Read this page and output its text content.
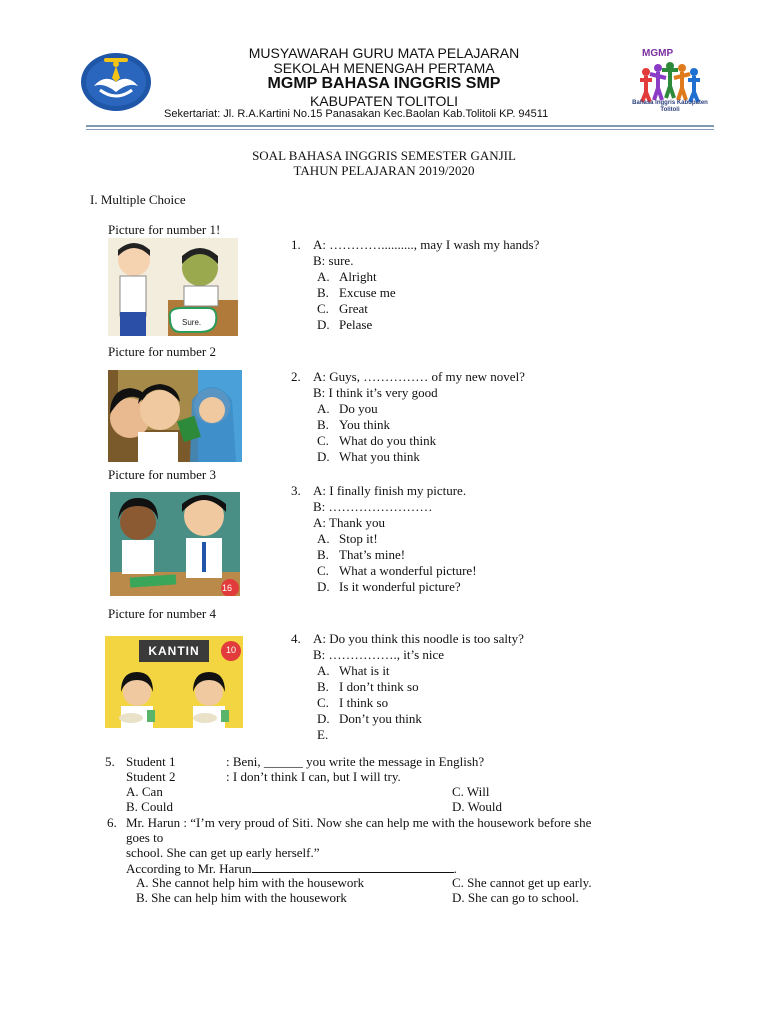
MUSYAWARAH GURU MATA PELAJARAN
SEKOLAH MENENGAH PERTAMA
MGMP BAHASA INGGRIS SMP
KABUPATEN TOLITOLI
Sekertariat: Jl. R.A.Kartini No.15 Panasakan Kec.Baolan Kab.Tolitoli KP. 94511
MGMP
Bahasa Inggris Kabupaten Tolitoli
SOAL BAHASA INGGRIS SEMESTER GANJIL
TAHUN PELAJARAN 2019/2020
I. Multiple Choice
Picture for number 1!
Sure.
1. A: ………….........., may I wash my hands?
B: sure.
A. Alright
B. Excuse me
C. Great
D. Pelase
Picture for number 2
2. A: Guys, …………… of my new novel?
B: I think it’s very good
A. Do you
B. You think
C. What do you think
D. What you think
Picture for number 3
16
3. A: I finally finish my picture.
B: ……………………
A: Thank you
A. Stop it!
B. That’s mine!
C. What a wonderful picture!
D. Is it wonderful picture?
Picture for number 4
KANTIN	10
4. A: Do you think this noodle is too salty?
B: ……………., it’s nice
A. What is it
B. I don’t think so
C. I think so
D. Don’t you think
E.
5. Student 1	: Beni, ______ you write the message in English?
Student 2	: I don’t think I can, but I will try.
A. Can	C. Will
B. Could	D. Would
6. Mr. Harun : “I’m very proud of Siti. Now she can help me with the housework before she
goes to
school. She can get up early herself.”
According to Mr. Harun	.
A. She cannot help him with the housework	C. She cannot get up early.
B. She can help him with the housework	D. She can go to school.
